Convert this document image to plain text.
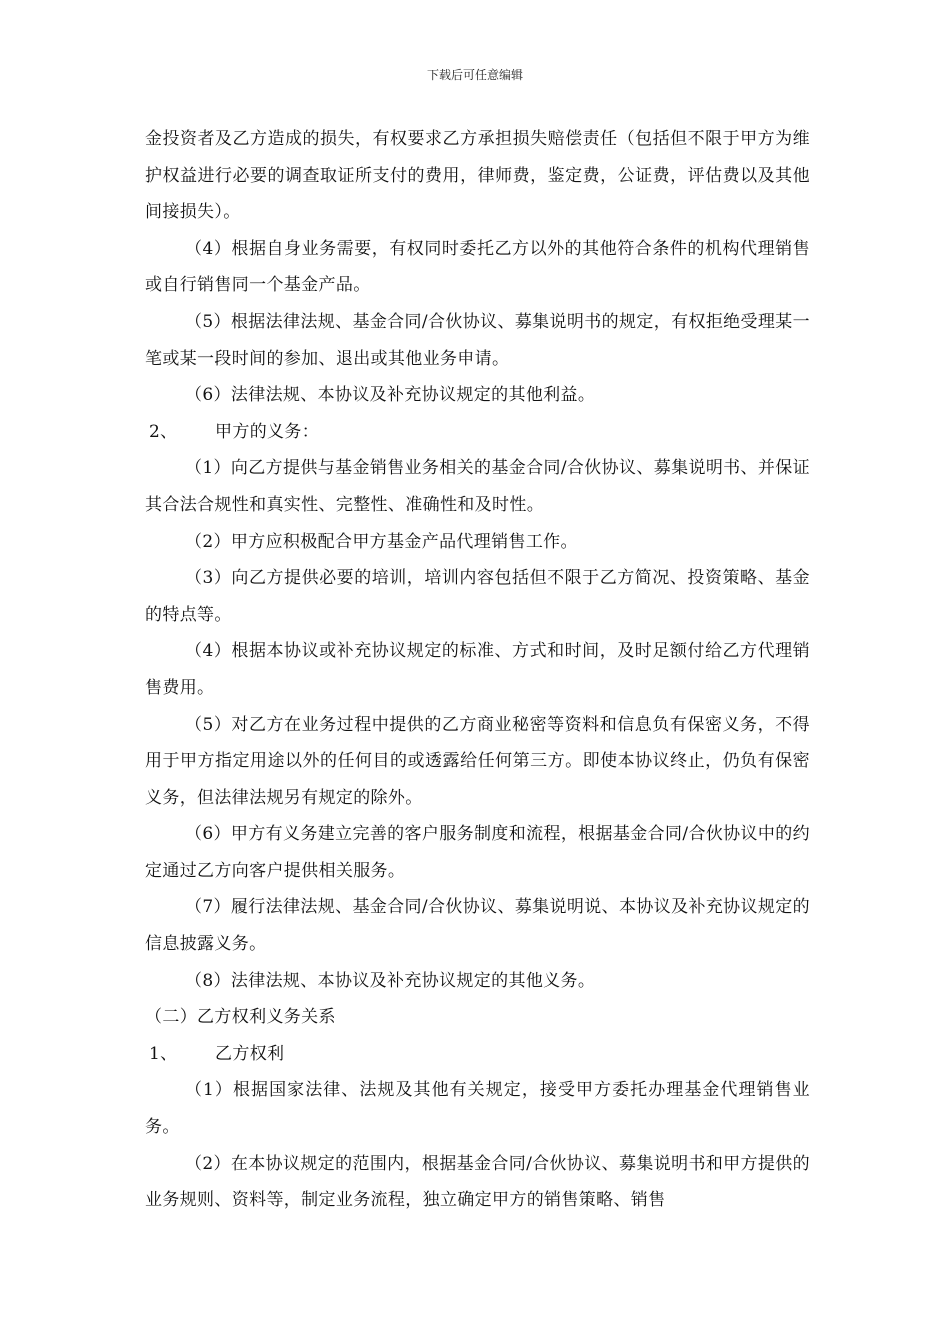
下载后可任意编辑

金投资者及乙方造成的损失，有权要求乙方承担损失赔偿责任（包括但不限于甲方为维护权益进行必要的调查取证所支付的费用，律师费，鉴定费，公证费，评估费以及其他间接损失）。

（4）根据自身业务需要，有权同时委托乙方以外的其他符合条件的机构代理销售或自行销售同一个基金产品。

（5）根据法律法规、基金合同/合伙协议、募集说明书的规定，有权拒绝受理某一笔或某一段时间的参加、退出或其他业务申请。

（6）法律法规、本协议及补充协议规定的其他利益。

2、 甲方的义务：

（1）向乙方提供与基金销售业务相关的基金合同/合伙协议、募集说明书、并保证其合法合规性和真实性、完整性、准确性和及时性。

（2）甲方应积极配合甲方基金产品代理销售工作。

（3）向乙方提供必要的培训，培训内容包括但不限于乙方简况、投资策略、基金的特点等。

（4）根据本协议或补充协议规定的标准、方式和时间，及时足额付给乙方代理销售费用。

（5）对乙方在业务过程中提供的乙方商业秘密等资料和信息负有保密义务，不得用于甲方指定用途以外的任何目的或透露给任何第三方。即使本协议终止，仍负有保密义务，但法律法规另有规定的除外。

（6）甲方有义务建立完善的客户服务制度和流程，根据基金合同/合伙协议中的约定通过乙方向客户提供相关服务。

（7）履行法律法规、基金合同/合伙协议、募集说明说、本协议及补充协议规定的信息披露义务。

（8）法律法规、本协议及补充协议规定的其他义务。

（二）乙方权利义务关系

1、 乙方权利

（1）根据国家法律、法规及其他有关规定，接受甲方委托办理基金代理销售业务。

（2）在本协议规定的范围内，根据基金合同/合伙协议、募集说明书和甲方提供的业务规则、资料等，制定业务流程，独立确定甲方的销售策略、销售
